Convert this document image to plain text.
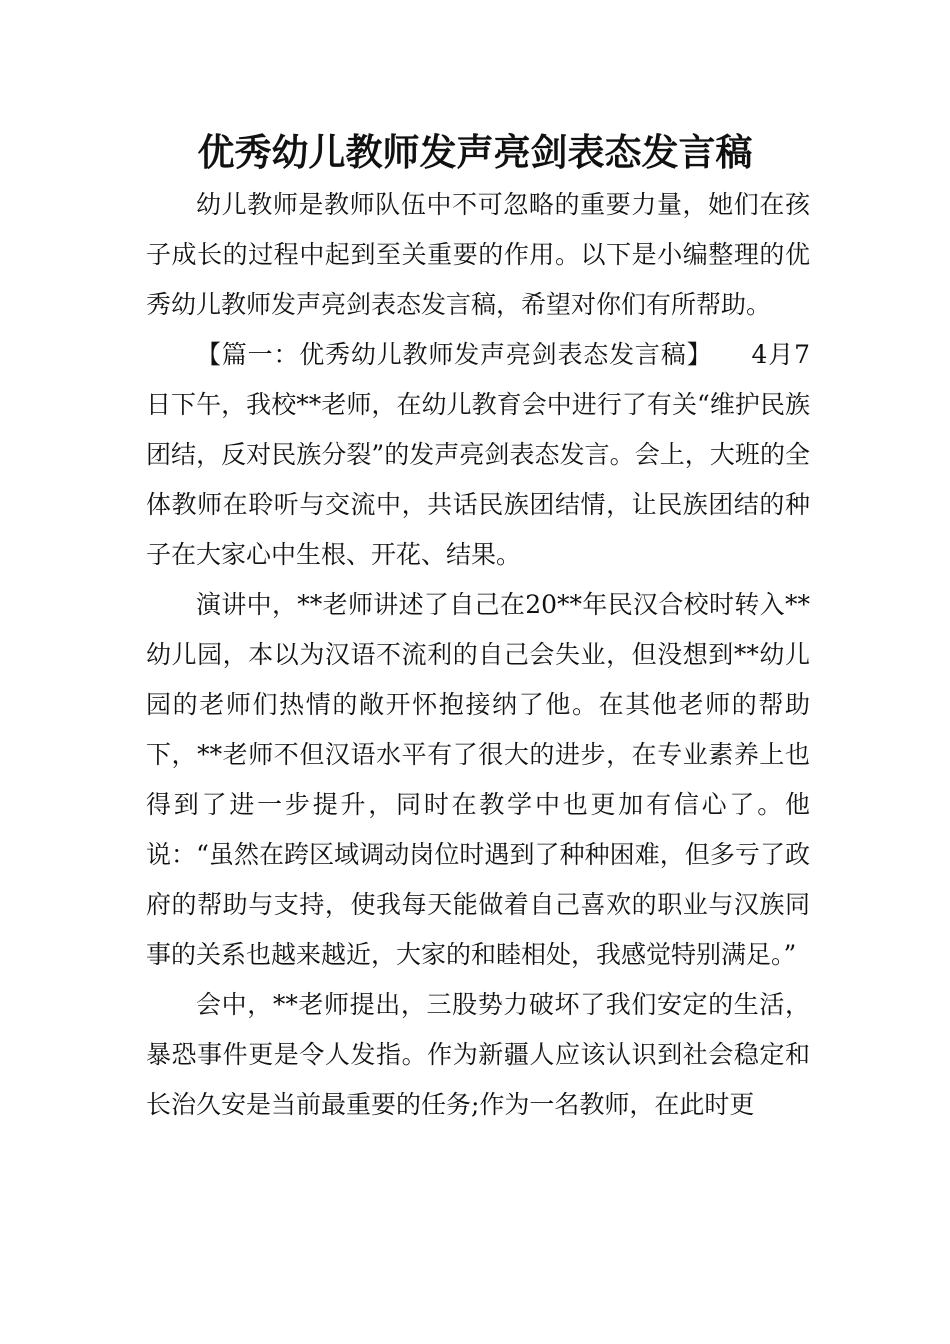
优秀幼儿教师发声亮剑表态发言稿

幼儿教师是教师队伍中不可忽略的重要力量，她们在孩子成长的过程中起到至关重要的作用。以下是小编整理的优秀幼儿教师发声亮剑表态发言稿，希望对你们有所帮助。

【篇一：优秀幼儿教师发声亮剑表态发言稿】　　4月7日下午，我校**老师，在幼儿教育会中进行了有关“维护民族团结，反对民族分裂”的发声亮剑表态发言。会上，大班的全体教师在聆听与交流中，共话民族团结情，让民族团结的种子在大家心中生根、开花、结果。

演讲中，**老师讲述了自己在20**年民汉合校时转入**幼儿园，本以为汉语不流利的自己会失业，但没想到**幼儿园的老师们热情的敞开怀抱接纳了他。在其他老师的帮助下，**老师不但汉语水平有了很大的进步，在专业素养上也得到了进一步提升，同时在教学中也更加有信心了。他说：“虽然在跨区域调动岗位时遇到了种种困难，但多亏了政府的帮助与支持，使我每天能做着自己喜欢的职业与汉族同事的关系也越来越近，大家的和睦相处，我感觉特别满足。”

会中，**老师提出，三股势力破坏了我们安定的生活，暴恐事件更是令人发指。作为新疆人应该认识到社会稳定和长治久安是当前最重要的任务;作为一名教师，在此时更
